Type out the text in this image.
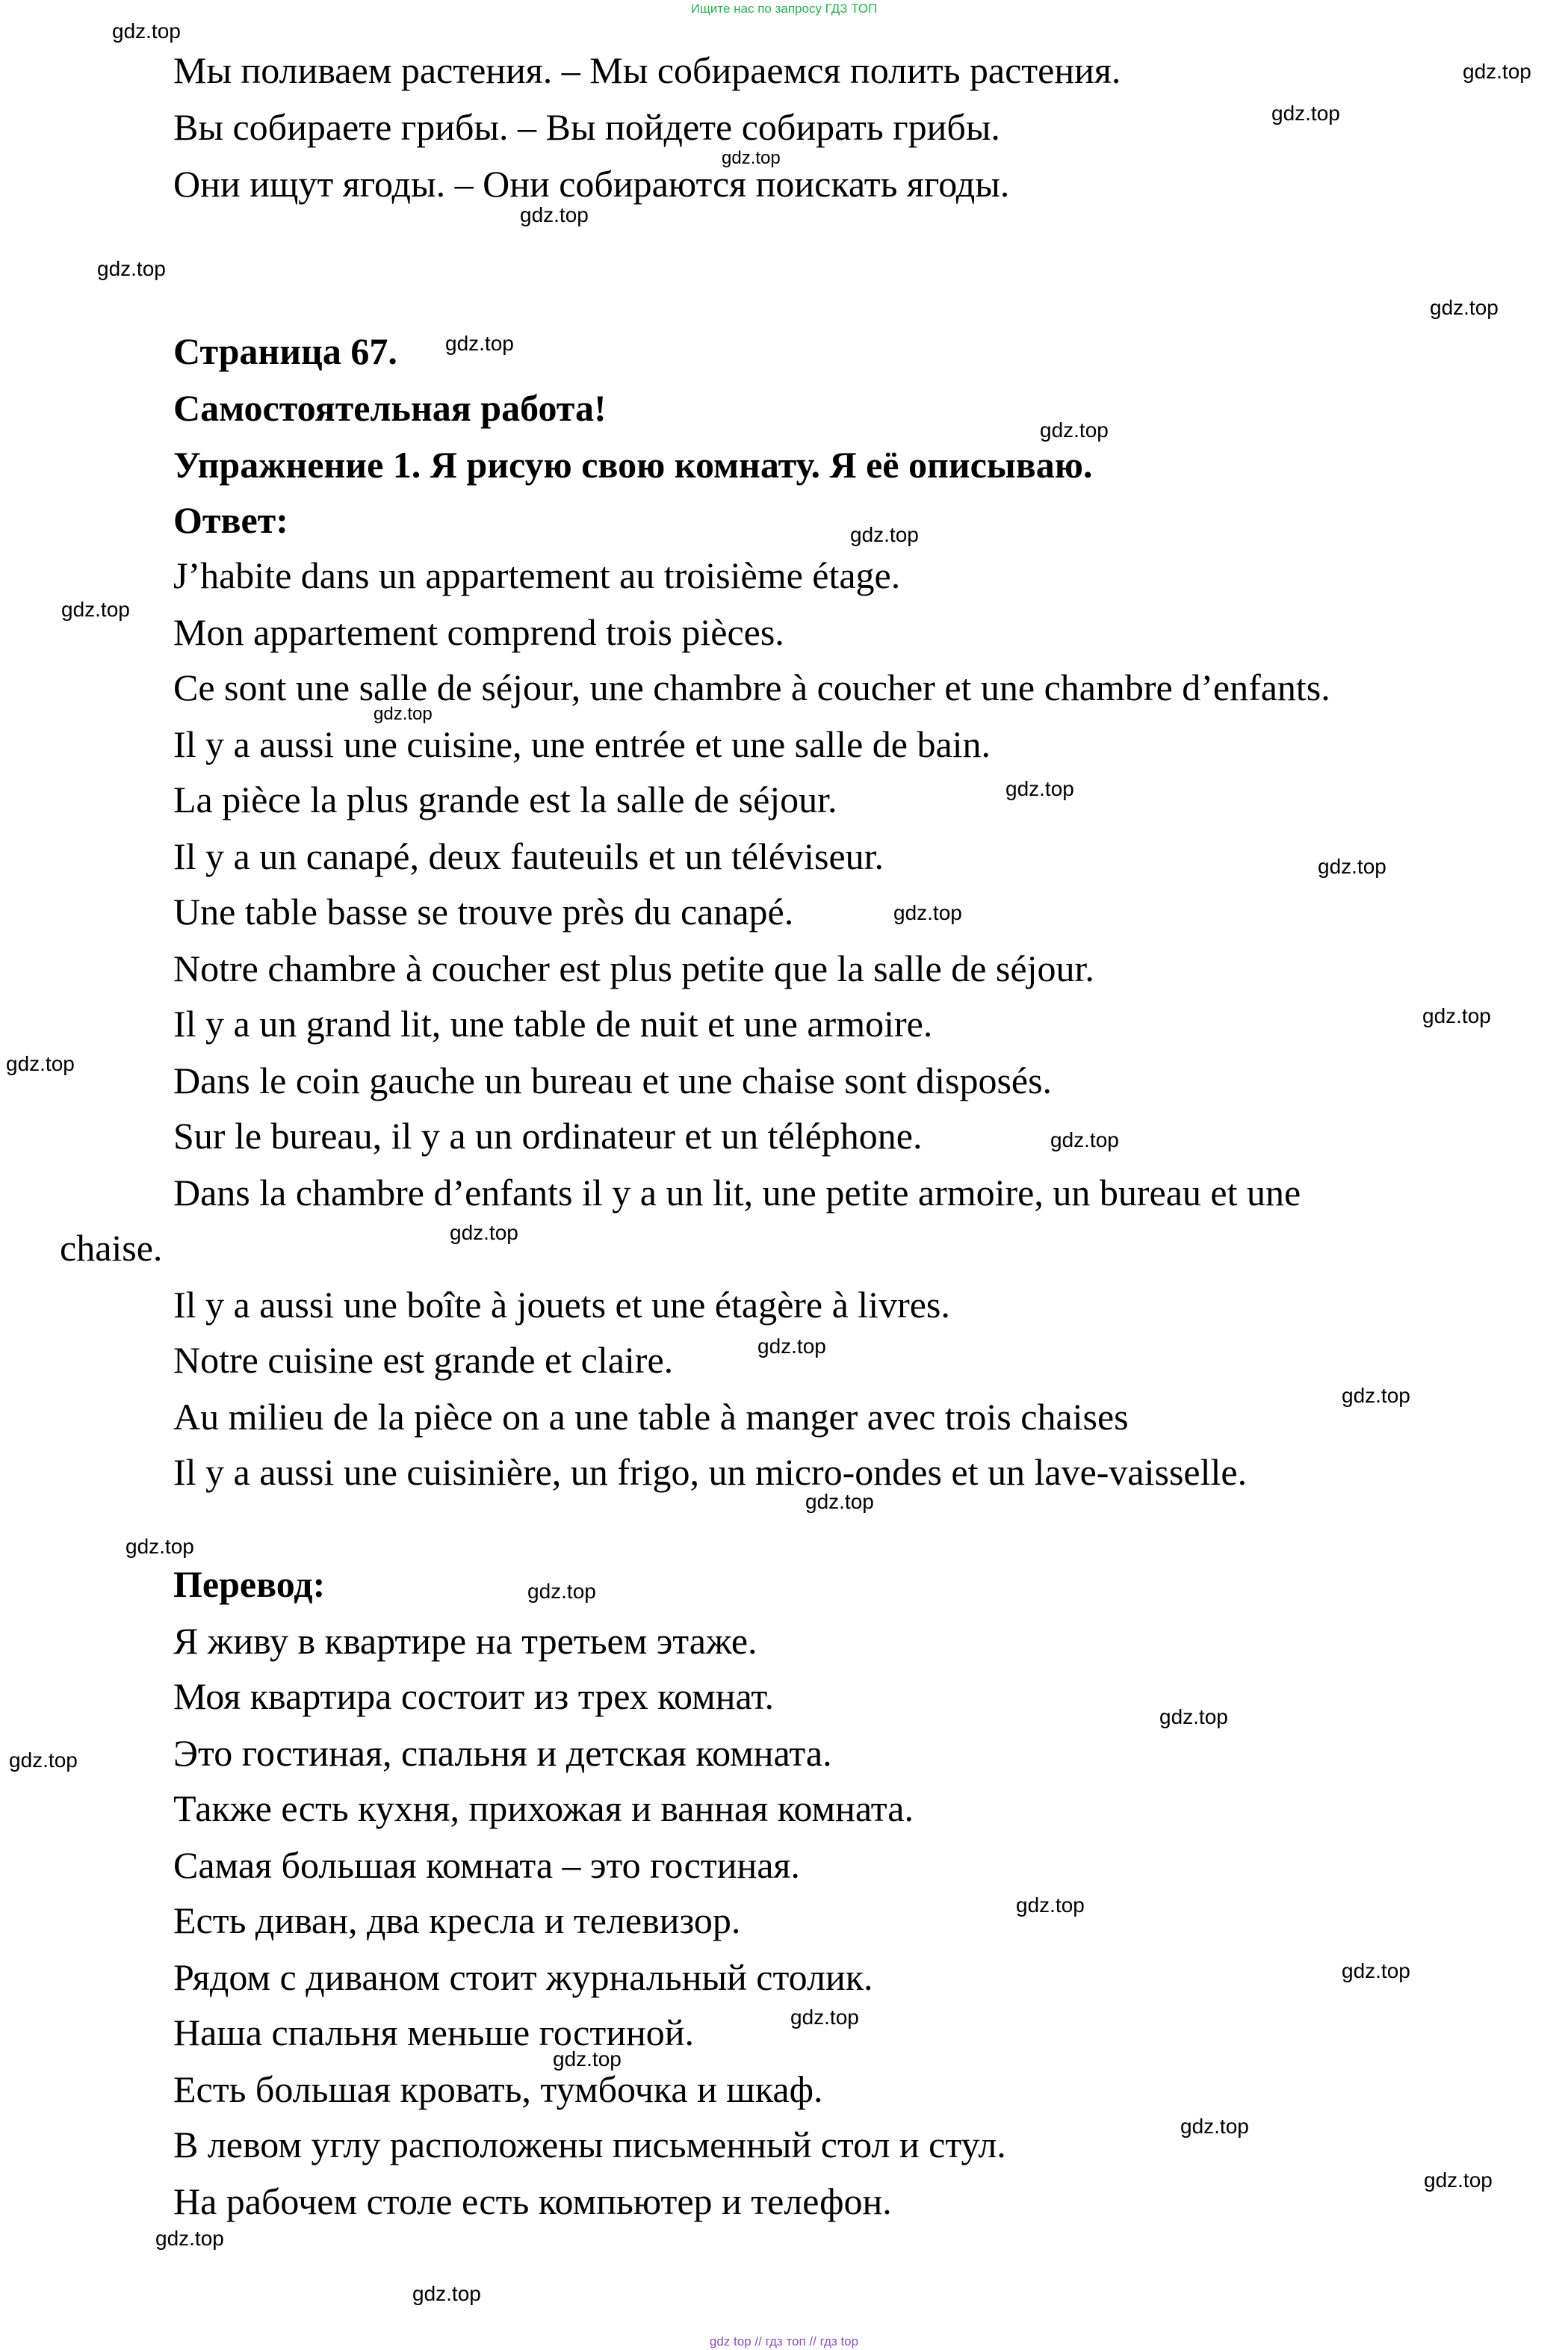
Ищите нас по запросу ГДЗ ТОП

Мы поливаем растения. – Мы собираемся полить растения.

Вы собираете грибы. – Вы пойдете собирать грибы.

Они ищут ягоды. – Они собираются поискать ягоды.

Страница 67.

Самостоятельная работа!

Упражнение 1. Я рисую свою комнату. Я её описываю.

Ответ:

J’habite dans un appartement au troisième étage.

Mon appartement comprend trois pièces.

Ce sont une salle de séjour, une chambre à coucher et une chambre d’enfants.

Il y a aussi une cuisine, une entrée et une salle de bain.

La pièce la plus grande est la salle de séjour.

Il y a un canapé, deux fauteuils et un téléviseur.

Une table basse se trouve près du canapé.

Notre chambre à coucher est plus petite que la salle de séjour.

Il y a un grand lit, une table de nuit et une armoire.

Dans le coin gauche un bureau et une chaise sont disposés.

Sur le bureau, il y a un ordinateur et un téléphone.

Dans la chambre d’enfants il y a un lit, une petite armoire, un bureau et une

chaise.

Il y a aussi une boîte à jouets et une étagère à livres.

Notre cuisine est grande et claire.

Au milieu de la pièce on a une table à manger avec trois chaises

Il y a aussi une cuisinière, un frigo, un micro-ondes et un lave-vaisselle.

Перевод:

Я живу в квартире на третьем этаже.

Моя квартира состоит из трех комнат.

Это гостиная, спальня и детская комната.

Также есть кухня, прихожая и ванная комната.

Самая большая комната – это гостиная.

Есть диван, два кресла и телевизор.

Рядом с диваном стоит журнальный столик.

Наша спальня меньше гостиной.

Есть большая кровать, тумбочка и шкаф.

В левом углу расположены письменный стол и стул.

На рабочем столе есть компьютер и телефон.

gdz.top
gdz.top
gdz.top
gdz.top
gdz.top
gdz.top
gdz.top
gdz.top
gdz.top
gdz.top
gdz.top
gdz.top
gdz.top
gdz.top
gdz.top
gdz.top
gdz.top
gdz.top
gdz.top
gdz.top
gdz.top
gdz.top
gdz.top
gdz.top
gdz.top
gdz.top
gdz.top
gdz.top
gdz.top
gdz.top
gdz.top
gdz.top
gdz.top
gdz.top
gdz top // гдз топ // гдз top
